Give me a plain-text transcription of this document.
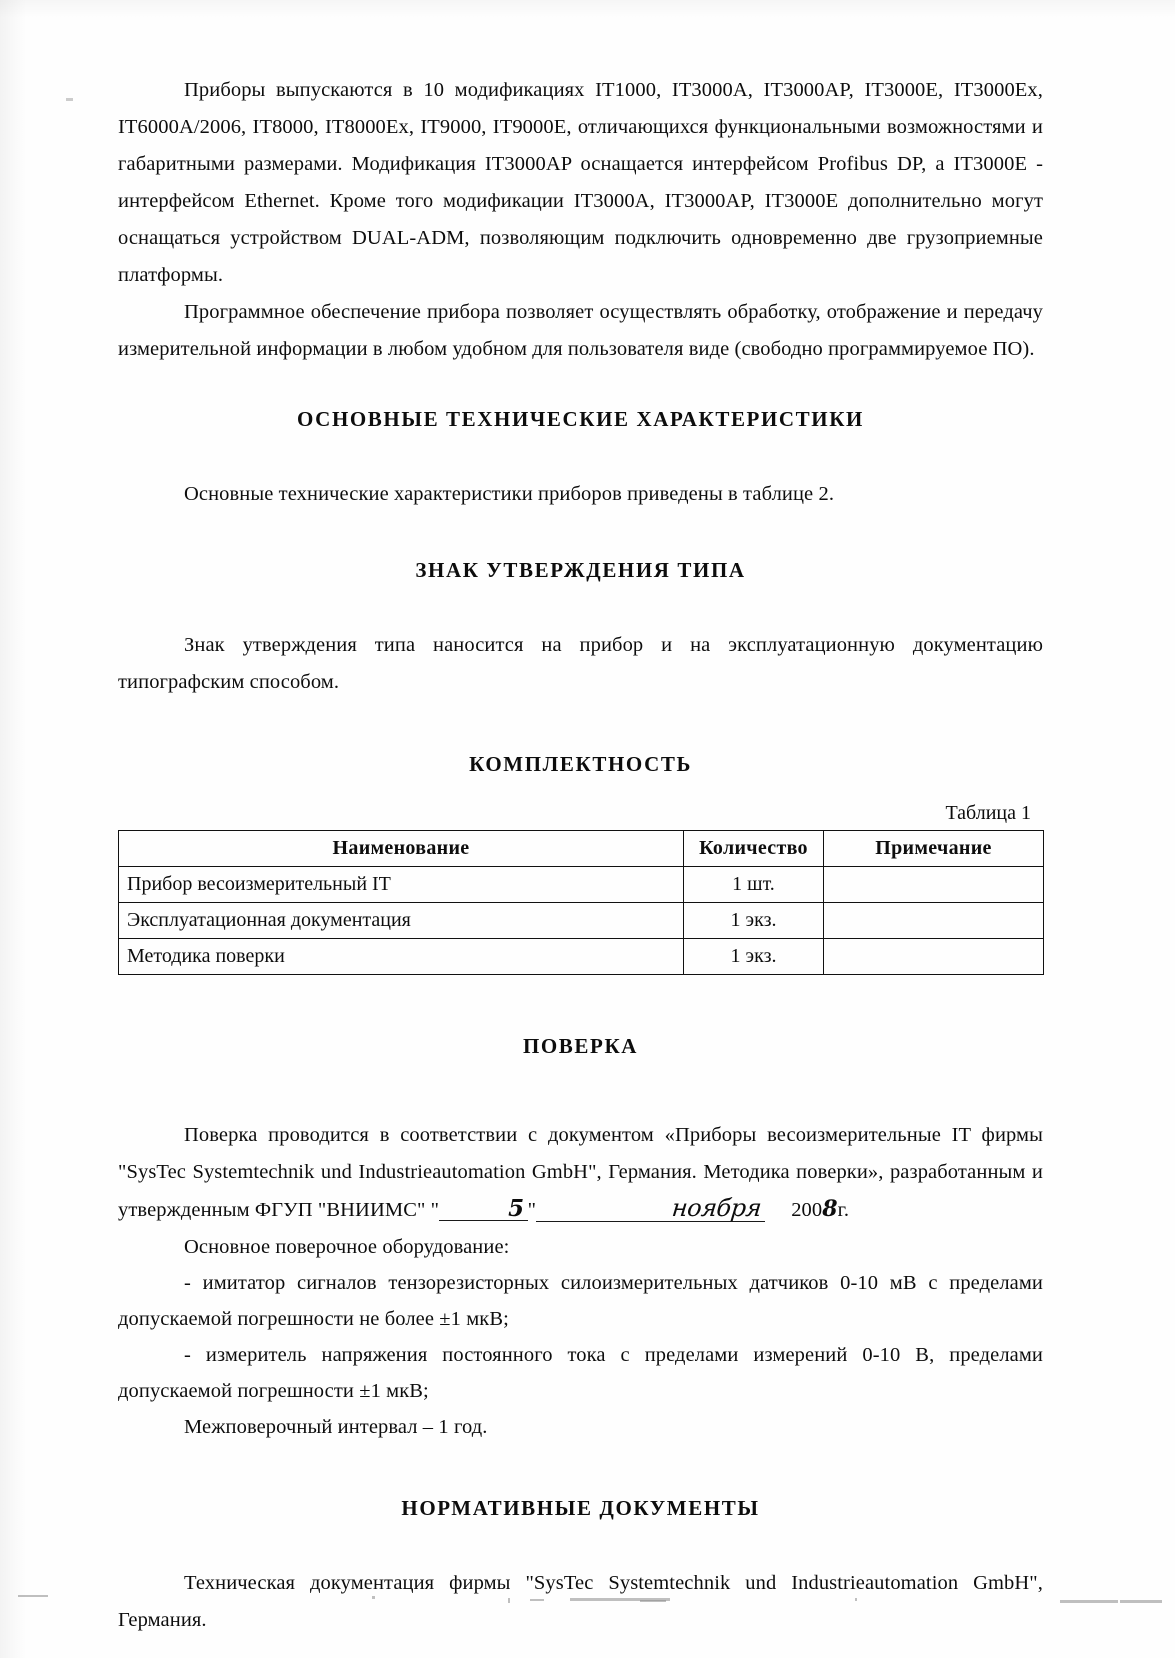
Приборы выпускаются в 10 модификациях IT1000, IT3000A, IT3000AP, IT3000E, IT3000Ex, IT6000A/2006, IT8000, IT8000Ex, IT9000, IT9000E, отличающихся функциональными возможностями и габаритными размерами. Модификация IT3000AP оснащается интерфейсом Profibus DP, а IT3000E - интерфейсом Ethernet. Кроме того модификации IT3000A, IT3000AP, IT3000E дополнительно могут оснащаться устройством DUAL-ADM, позволяющим подключить одновременно две грузоприемные платформы.

Программное обеспечение прибора позволяет осуществлять обработку, отображение и передачу измерительной информации в любом удобном для пользователя виде (свободно программируемое ПО).

ОСНОВНЫЕ ТЕХНИЧЕСКИЕ ХАРАКТЕРИСТИКИ

Основные технические характеристики приборов приведены в таблице 2.

ЗНАК УТВЕРЖДЕНИЯ ТИПА

Знак утверждения типа наносится на прибор и на эксплуатационную документацию типографским способом.

КОМПЛЕКТНОСТЬ
Таблица 1
Наименование	Количество	Примечание
Прибор весоизмерительный IT	1 шт.	
Эксплуатационная документация	1 экз.	
Методика поверки	1 экз.	
ПОВЕРКА

Поверка проводится в соответствии с документом «Приборы весоизмерительные IT фирмы "SysTec Systemtechnik und Industrieautomation GmbH", Германия. Методика поверки», разработанным и утвержденным ФГУП "ВНИИМС" "	5 "	ноября 2008г.

Основное поверочное оборудование:

- имитатор сигналов тензорезисторных силоизмерительных датчиков 0-10 мВ с пределами допускаемой погрешности не более ±1 мкВ;

- измеритель напряжения постоянного тока с пределами измерений 0-10 В, пределами допускаемой погрешности ±1 мкВ;

Межповерочный интервал – 1 год.

НОРМАТИВНЫЕ ДОКУМЕНТЫ

Техническая документация фирмы "SysTec Systemtechnik und Industrieautomation GmbH", Германия.
